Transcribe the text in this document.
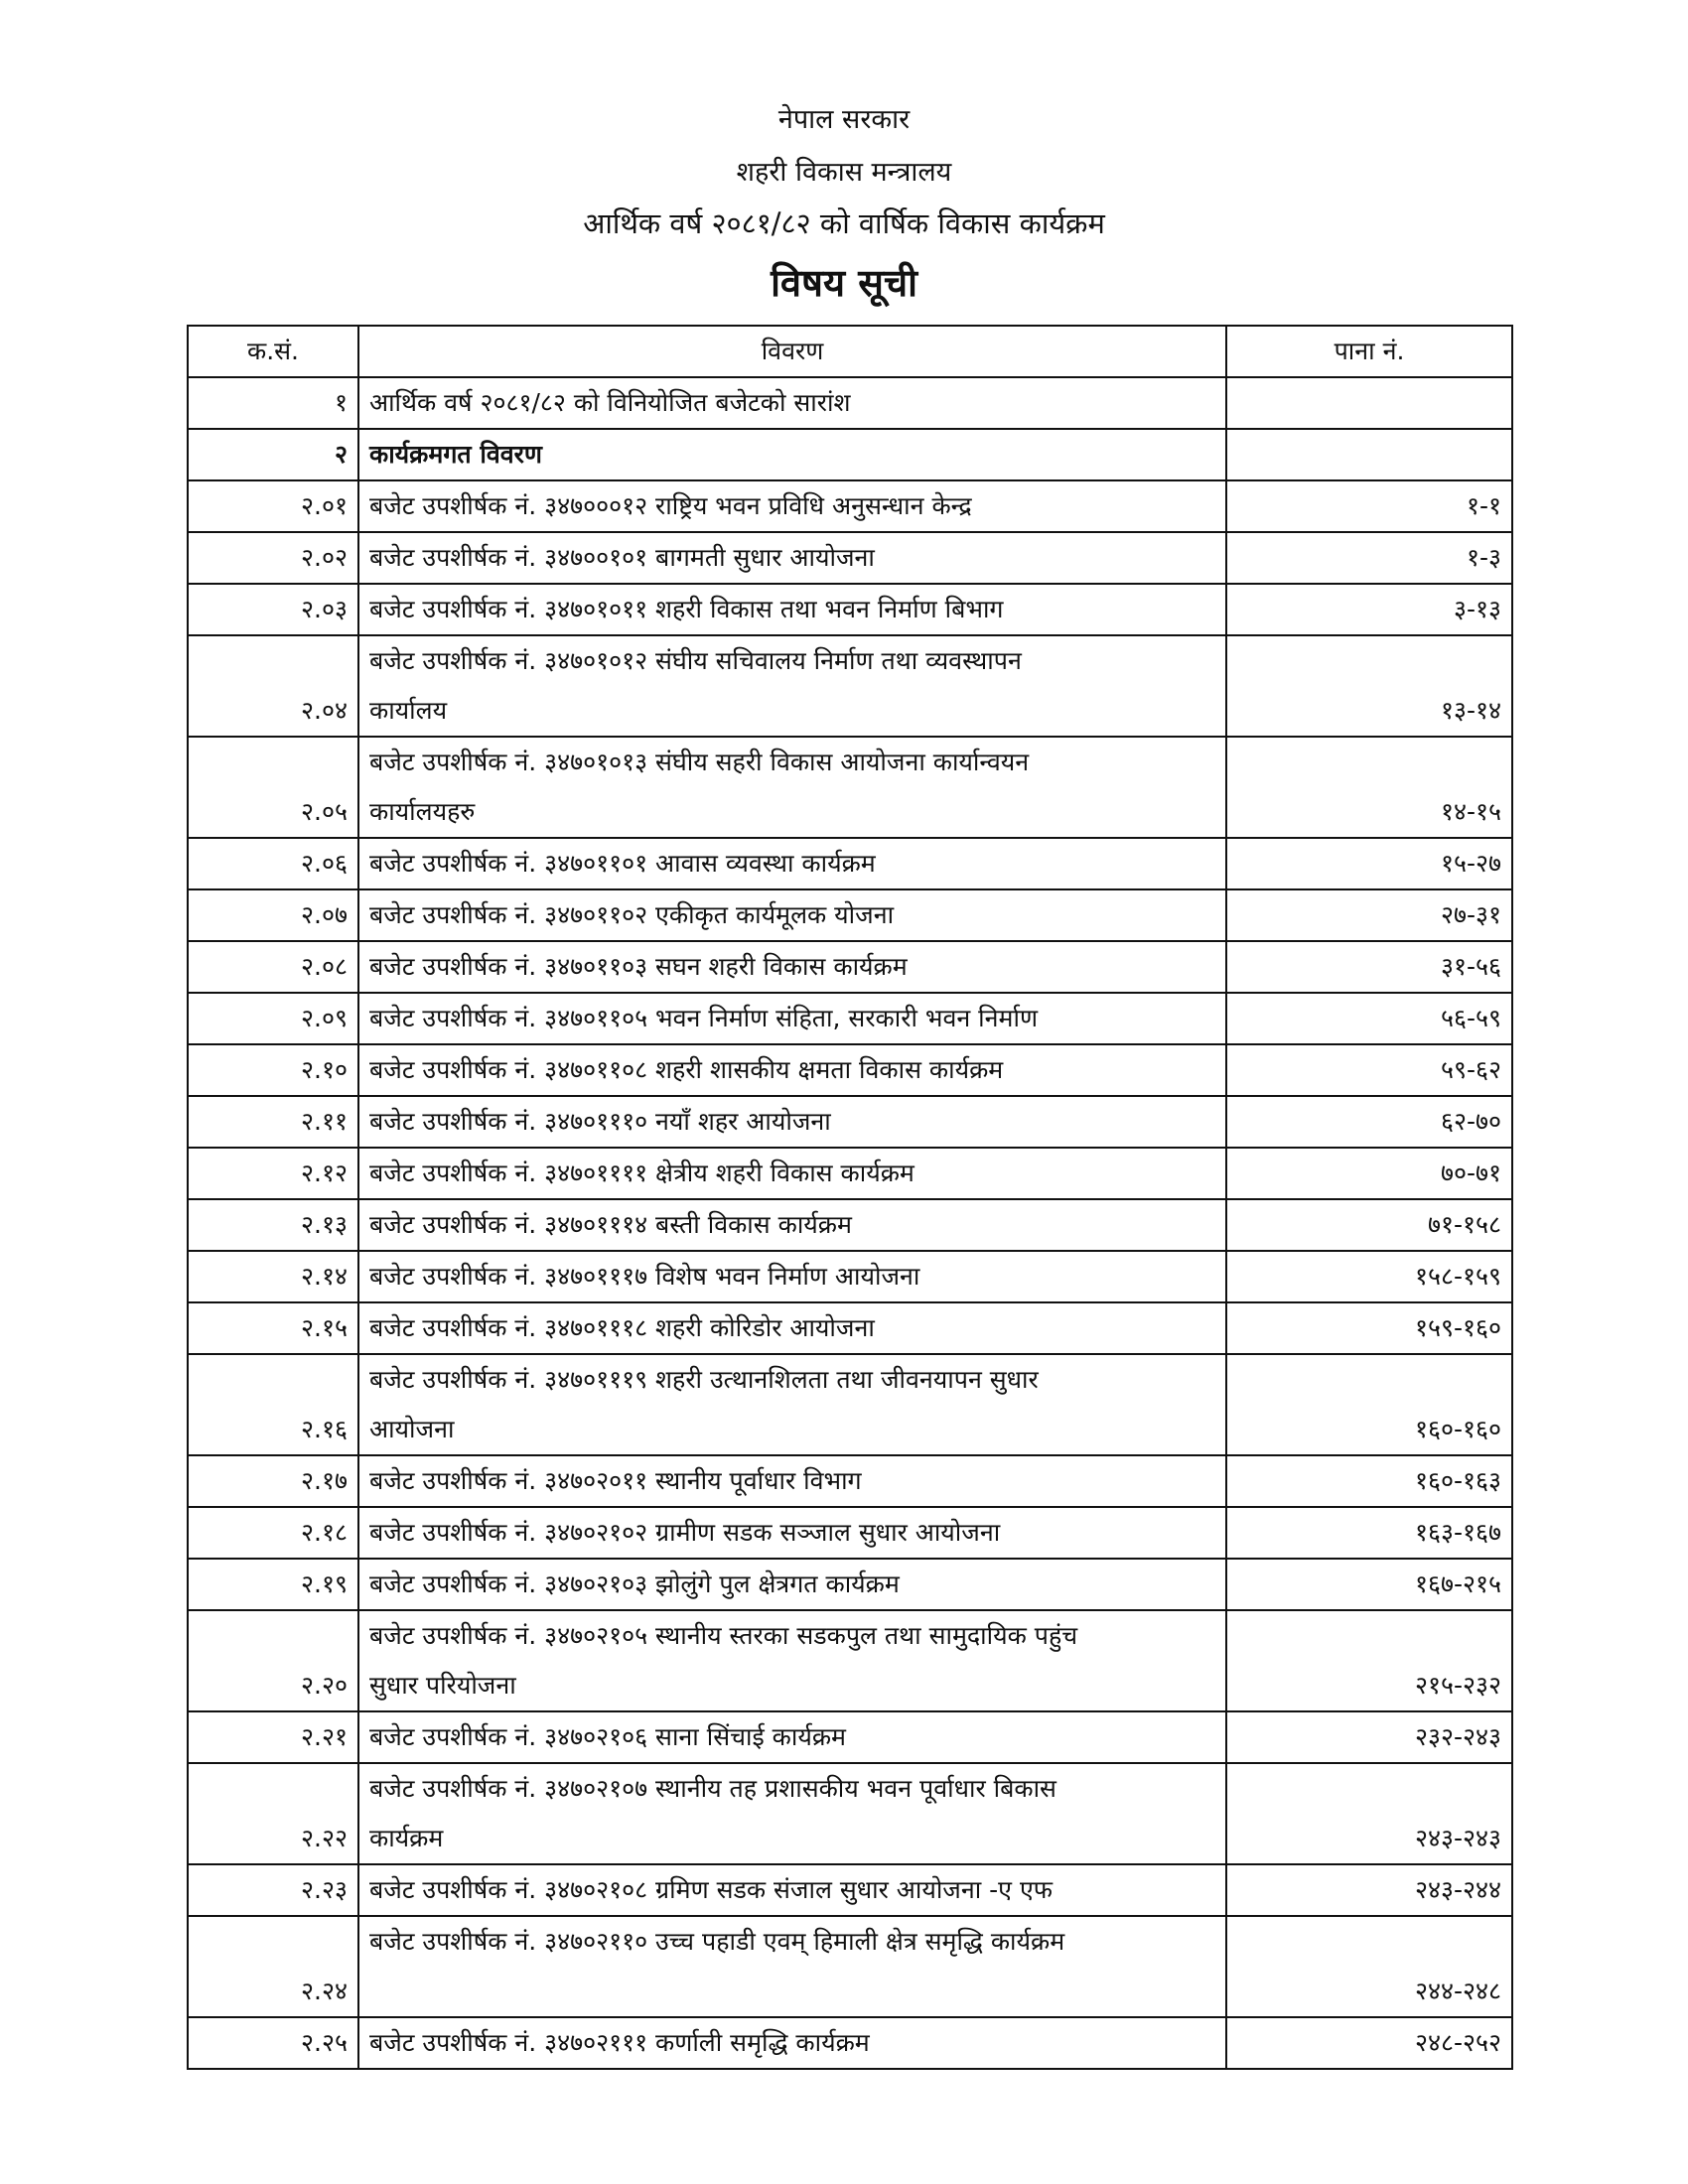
नेपाल सरकार
शहरी विकास मन्त्रालय
आर्थिक वर्ष २०८१/८२ को वार्षिक विकास कार्यक्रम
विषय सूची
क.सं.	विवरण	पाना नं.
१	आर्थिक वर्ष २०८१/८२ को विनियोजित बजेटको सारांश	

२	कार्यक्रमगत विवरण	

२.०१	बजेट उपशीर्षक नं. ३४७०००१२ राष्ट्रिय भवन प्रविधि अनुसन्धान केन्द्र	१-१
२.०२	बजेट उपशीर्षक नं. ३४७००१०१ बागमती सुधार आयोजना	१-३
२.०३	बजेट उपशीर्षक नं. ३४७०१०११ शहरी विकास तथा भवन निर्माण बिभाग	३-१३
२.०४	बजेट उपशीर्षक नं. ३४७०१०१२ संघीय सचिवालय निर्माण तथा व्यवस्थापन
कार्यालय	१३-१४
२.०५	बजेट उपशीर्षक नं. ३४७०१०१३ संघीय सहरी विकास आयोजना कार्यान्वयन
कार्यालयहरु	१४-१५
२.०६	बजेट उपशीर्षक नं. ३४७०११०१ आवास व्यवस्था कार्यक्रम	१५-२७
२.०७	बजेट उपशीर्षक नं. ३४७०११०२ एकीकृत कार्यमूलक योजना	२७-३१
२.०८	बजेट उपशीर्षक नं. ३४७०११०३ सघन शहरी विकास कार्यक्रम	३१-५६
२.०९	बजेट उपशीर्षक नं. ३४७०११०५ भवन निर्माण संहिता, सरकारी भवन निर्माण	५६-५९
२.१०	बजेट उपशीर्षक नं. ३४७०११०८ शहरी शासकीय क्षमता विकास कार्यक्रम	५९-६२
२.११	बजेट उपशीर्षक नं. ३४७०१११० नयाँ शहर आयोजना	६२-७०
२.१२	बजेट उपशीर्षक नं. ३४७०११११ क्षेत्रीय शहरी विकास कार्यक्रम	७०-७१
२.१३	बजेट उपशीर्षक नं. ३४७०१११४ बस्ती विकास कार्यक्रम	७१-१५८
२.१४	बजेट उपशीर्षक नं. ३४७०१११७ विशेष भवन निर्माण आयोजना	१५८-१५९
२.१५	बजेट उपशीर्षक नं. ३४७०१११८ शहरी कोरिडोर आयोजना	१५९-१६०
२.१६	बजेट उपशीर्षक नं. ३४७०१११९ शहरी उत्थानशिलता तथा जीवनयापन सुधार
आयोजना	१६०-१६०
२.१७	बजेट उपशीर्षक नं. ३४७०२०११ स्थानीय पूर्वाधार विभाग	१६०-१६३
२.१८	बजेट उपशीर्षक नं. ३४७०२१०२ ग्रामीण सडक सञ्जाल सुधार आयोजना	१६३-१६७
२.१९	बजेट उपशीर्षक नं. ३४७०२१०३ झोलुंगे पुल क्षेत्रगत कार्यक्रम	१६७-२१५
२.२०	बजेट उपशीर्षक नं. ३४७०२१०५ स्थानीय स्तरका सडकपुल तथा सामुदायिक पहुंच
सुधार परियोजना	२१५-२३२
२.२१	बजेट उपशीर्षक नं. ३४७०२१०६ साना सिंचाई कार्यक्रम	२३२-२४३
२.२२	बजेट उपशीर्षक नं. ३४७०२१०७ स्थानीय तह प्रशासकीय भवन पूर्वाधार बिकास
कार्यक्रम	२४३-२४३
२.२३	बजेट उपशीर्षक नं. ३४७०२१०८ ग्रमिण सडक संजाल सुधार आयोजना -ए एफ	२४३-२४४
२.२४	बजेट उपशीर्षक नं. ३४७०२११० उच्च पहाडी एवम् हिमाली क्षेत्र समृद्धि कार्यक्रम	२४४-२४८
२.२५	बजेट उपशीर्षक नं. ३४७०२१११ कर्णाली समृद्धि कार्यक्रम	२४८-२५२
